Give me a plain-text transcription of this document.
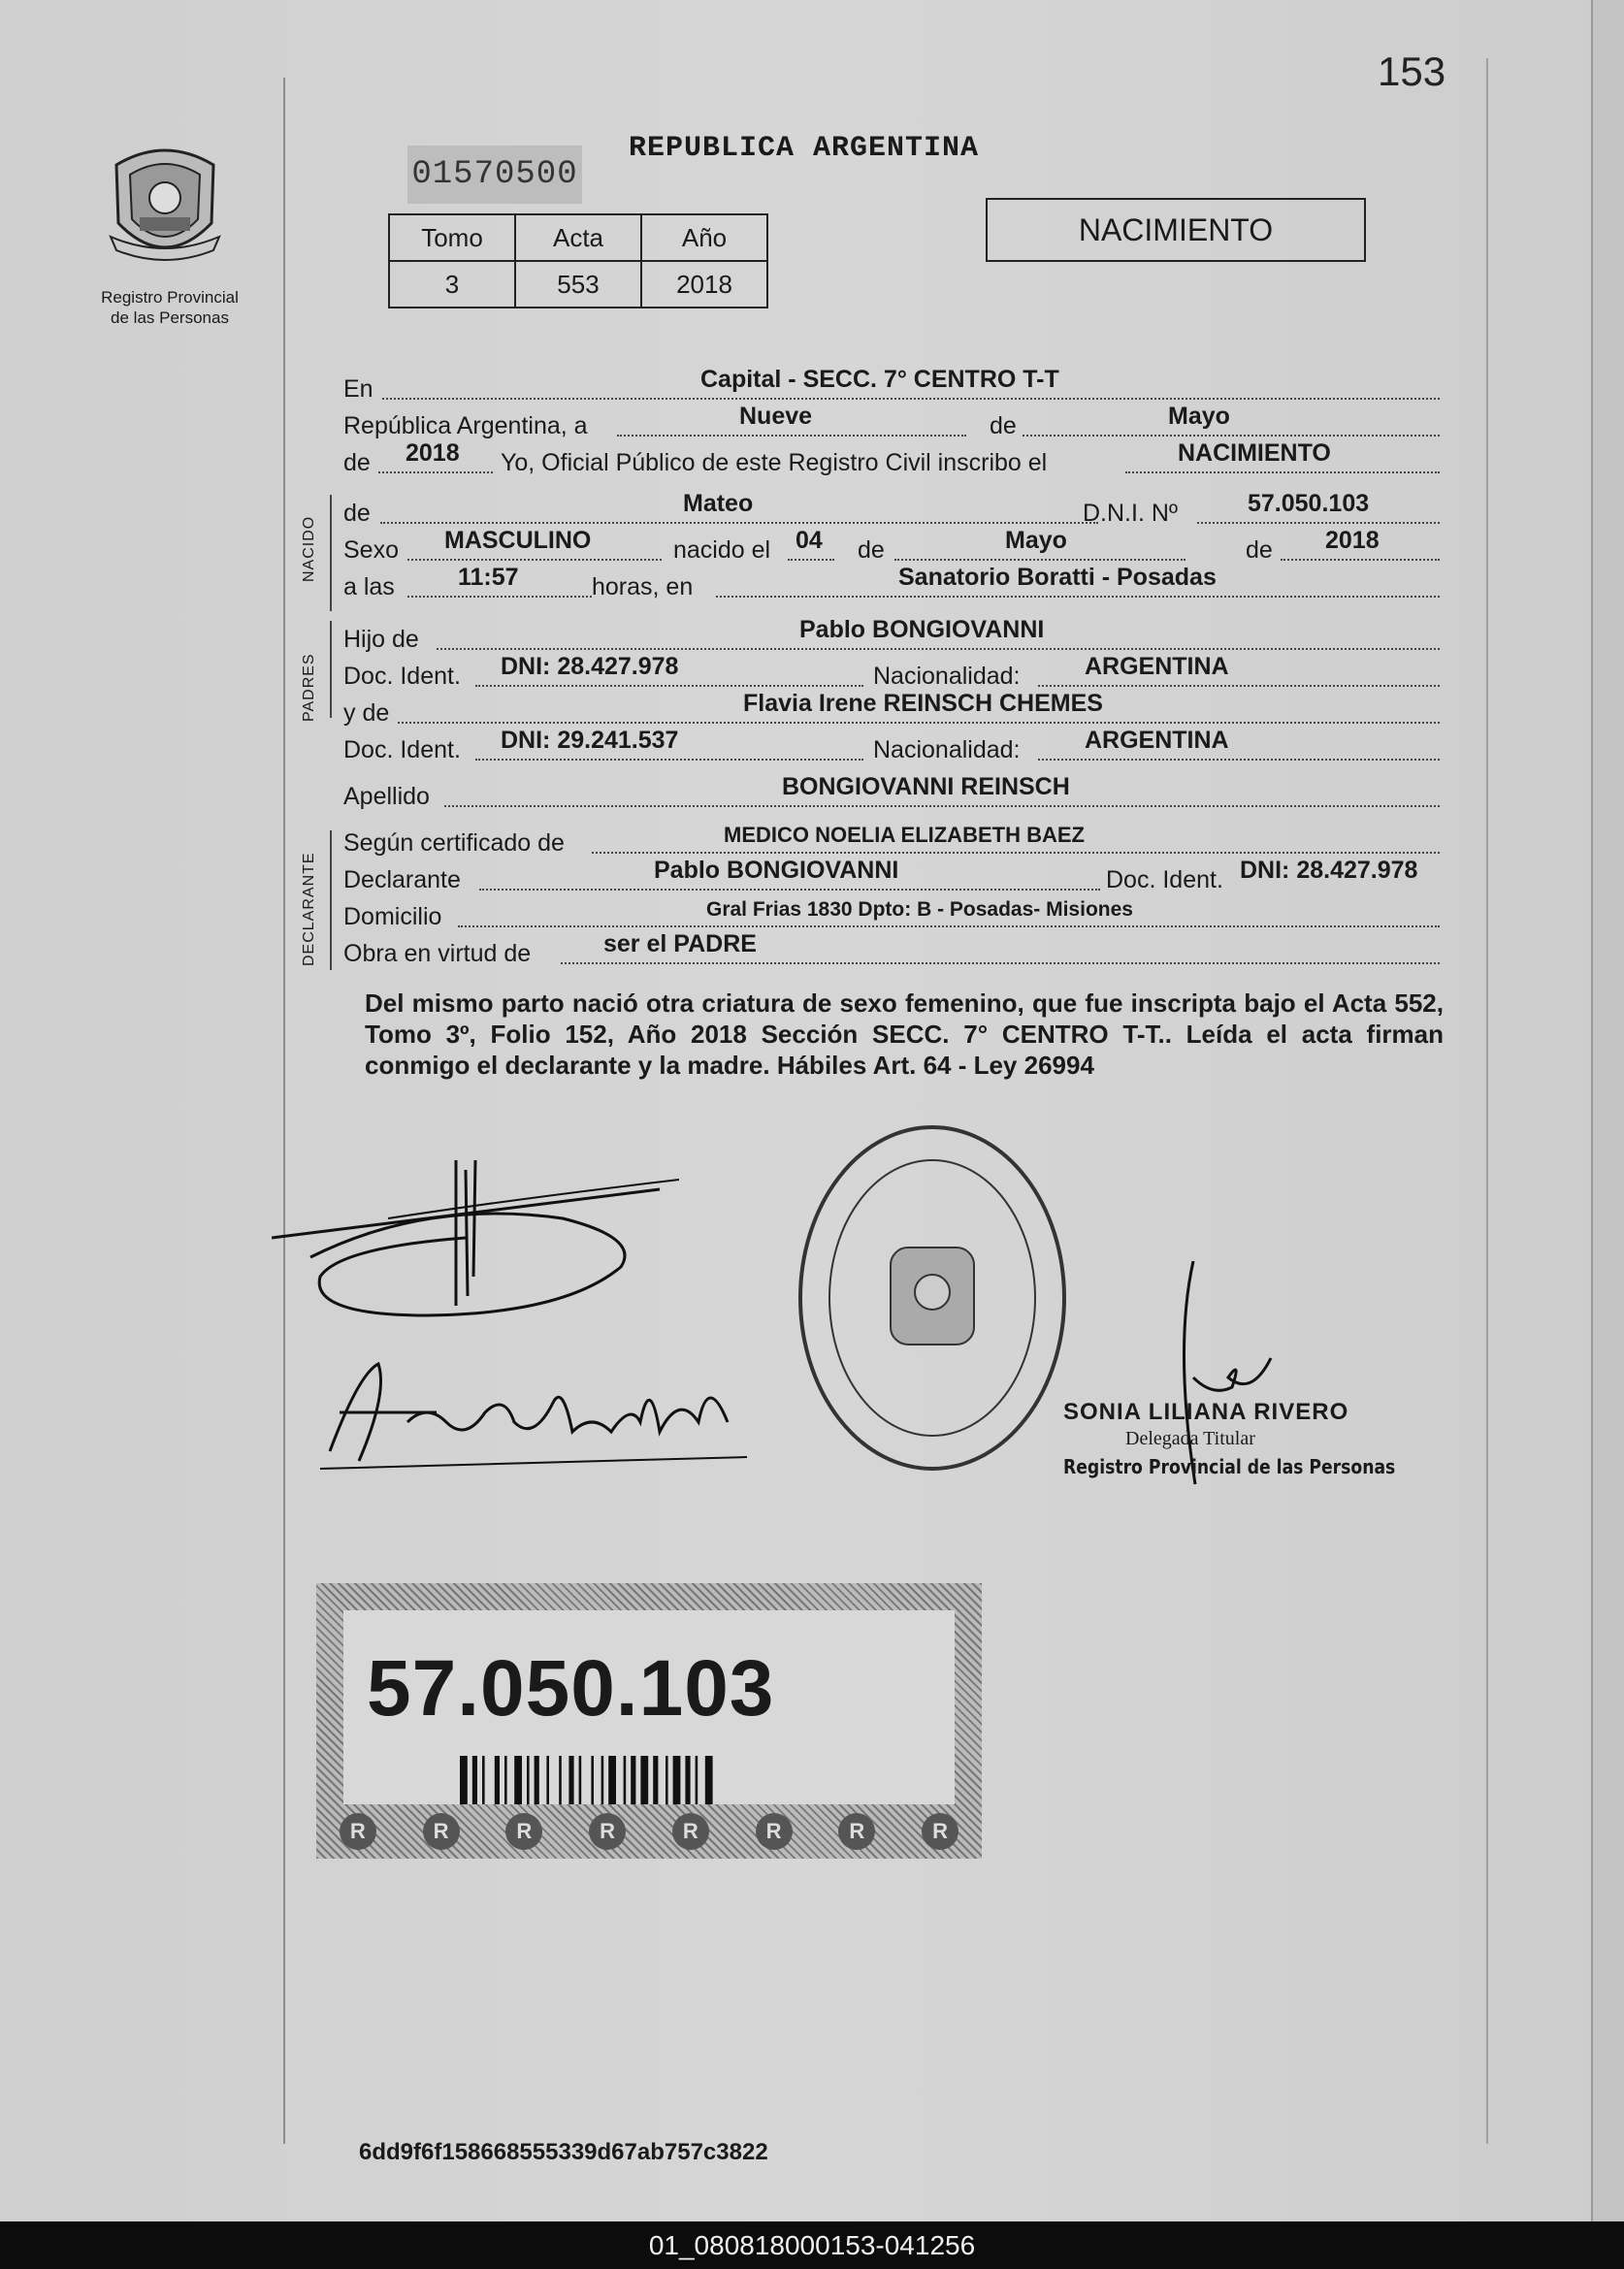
153
Registro Provincial
de las Personas
01570500
REPUBLICA ARGENTINA
Tomo	Acta	Año
3	553	2018
NACIMIENTO
En	Capital - SECC. 7° CENTRO T-T
República Argentina, a	Nueve	de	Mayo
de 2018 Yo, Oficial Público de este Registro Civil inscribo el	NACIMIENTO
NACIDO
de	Mateo	D.N.I. Nº	57.050.103
Sexo MASCULINO	nacido el 04 de	Mayo	de 2018
a las	11:57	horas, en	Sanatorio Boratti - Posadas
PADRES
Hijo de	Pablo BONGIOVANNI
Doc. Ident. DNI: 28.427.978	Nacionalidad:	ARGENTINA
y de	Flavia Irene REINSCH CHEMES
Doc. Ident. DNI: 29.241.537	Nacionalidad:	ARGENTINA
Apellido	BONGIOVANNI REINSCH
DECLARANTE
Según certificado de	MEDICO NOELIA ELIZABETH BAEZ
Declarante	Pablo BONGIOVANNI	Doc. Ident. DNI: 28.427.978
Domicilio	Gral Frias 1830 Dpto: B - Posadas- Misiones
Obra en virtud de	ser el PADRE
Del mismo parto nació otra criatura de sexo femenino, que fue inscripta bajo el Acta 552, Tomo 3º, Folio 152, Año 2018 Sección SECC. 7° CENTRO T-T.. Leída el acta firman conmigo el declarante y la madre. Hábiles Art. 64 - Ley 26994
SONIA LILIANA RIVERO
Delegada Titular
Registro Provincial de las Personas
57.050.103
R	R	R	R	R	R	R	R
6dd9f6f158668555339d67ab757c3822
01_080818000153-041256
